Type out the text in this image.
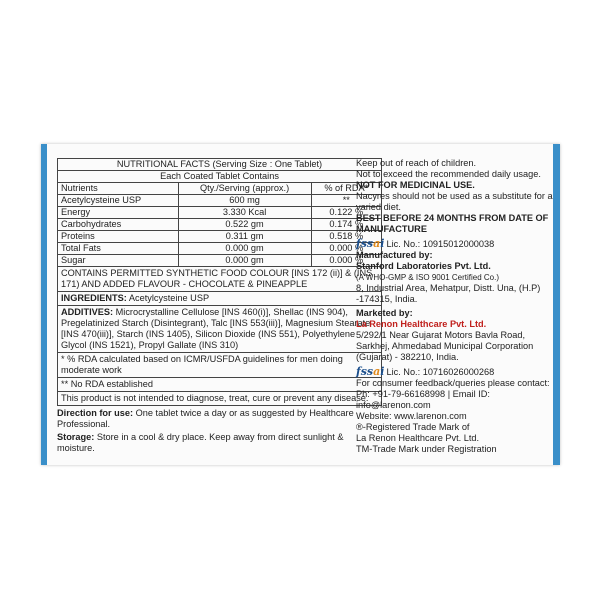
NUTRITIONAL FACTS (Serving Size : One Tablet)		
Each Coated Tablet Contains		
Nutrients	Qty./Serving (approx.)	% of RDA*
Acetylcysteine USP	600 mg	**
Energy	3.330 Kcal	0.122 %
Carbohydrates	0.522 gm	0.174 %
Proteins	0.311 gm	0.518 %
Total Fats	0.000 gm	0.000 %
Sugar	0.000 gm	0.000 %
CONTAINS PERMITTED SYNTHETIC FOOD COLOUR [INS 172 (ii)] & (INS 171) AND ADDED FLAVOUR - CHOCOLATE & PINEAPPLE
INGREDIENTS: Acetylcysteine USP
ADDITIVES: Microcrystalline Cellulose [INS 460(i)], Shellac (INS 904), Pregelatinized Starch (Disintegrant), Talc [INS 553(iii)], Magnesium Stearate [INS 470(iii)], Starch (INS 1405), Silicon Dioxide (INS 551), Polyethylene Glycol (INS 1521), Propyl Gallate (INS 310)
* % RDA calculated based on ICMR/USFDA guidelines for men doing moderate work
** No RDA established
This product is not intended to diagnose, treat, cure or prevent any disease.
Direction for use: One tablet twice a day or as suggested by Healthcare Professional.
Storage: Store in a cool & dry place. Keep away from direct sunlight & moisture.

Keep out of reach of children.

Not to exceed the recommended daily usage.

NOT FOR MEDICINAL USE.

Nacyres should not be used as a substitute for a varied diet.

BEST BEFORE 24 MONTHS FROM DATE OF MANUFACTURE

fssai Lic. No.: 10915012000038

Manufactured by:

Stanford Laboratories Pvt. Ltd.

(A WHO-GMP & ISO 9001 Certified Co.)

8, Industrial Area, Mehatpur, Distt. Una, (H.P) -174315, India.

Marketed by:

La Renon Healthcare Pvt. Ltd.

5/292/1 Near Gujarat Motors Bavla Road, Sarkhej, Ahmedabad Municipal Corporation (Gujarat) - 382210, India.

fssai Lic. No.: 10716026000268

For consumer feedback/queries please contact:

Ph: +91-79-66168998 | Email ID: info@larenon.com

Website: www.larenon.com

®-Registered Trade Mark of

La Renon Healthcare Pvt. Ltd.

TM-Trade Mark under Registration
